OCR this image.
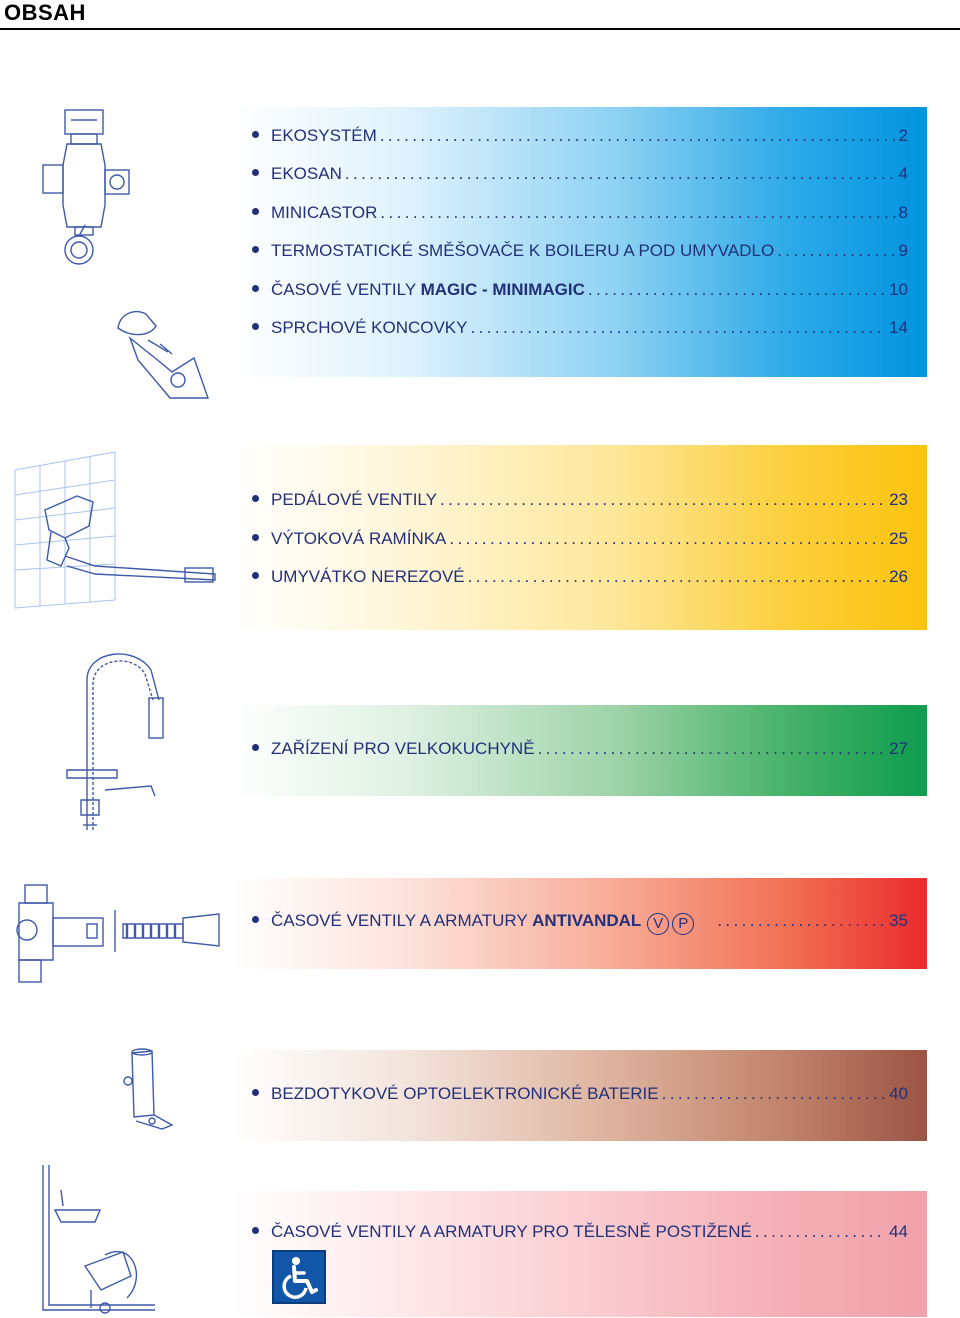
OBSAH
EKOSYSTÉM .....	2
EKOSAN .....	4
MINICASTOR .....	8
TERMOSTATICKÉ SMĚŠOVAČE K BOILERU A POD UMYVADLO .....	9
ČASOVÉ VENTILY MAGIC - MINIMAGIC .....	10
SPRCHOVÉ KONCOVKY .....	14
PEDÁLOVÉ VENTILY .....	23
VÝTOKOVÁ RAMÍNKA .....	25
UMYVÁTKO NEREZOVÉ .....	26
ZAŘÍZENÍ PRO VELKOKUCHYNĚ .....	27
ČASOVÉ VENTILY A ARMATURY ANTIVANDAL V P .....	35
BEZDOTYKOVÉ OPTOELEKTRONICKÉ BATERIE .....	40
ČASOVÉ VENTILY A ARMATURY PRO TĚLESNĚ POSTIŽENÉ .....	44
